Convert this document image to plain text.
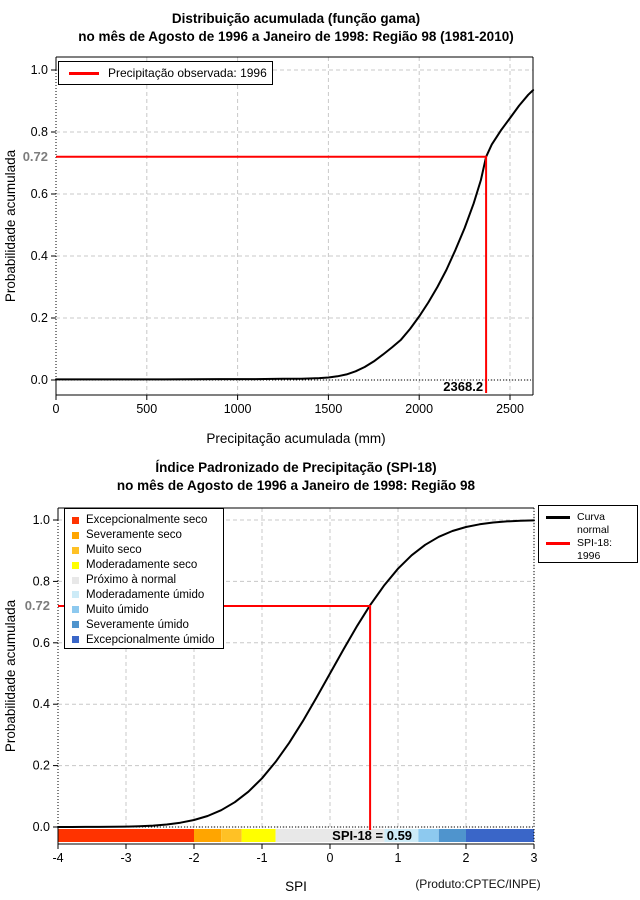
0	500	1000	1500	2000	2500
0.0
0.2
0.4
0.6
0.8
1.0
Probabilidade acumulada 0.72
2368.2
-4	-3	-2	-1	0	1	2	3
0.0
0.2
0.4
0.6
0.8
1.0
Probabilidade acumulada 0.72
SPI-18 = 0.59
Distribuição acumulada (função gama)
no mês de Agosto de 1996 a Janeiro de 1998: Região 98 (1981-2010)
Precipitação observada: 1996
Precipitação acumulada (mm)
Índice Padronizado de Precipitação (SPI-18)
no mês de Agosto de 1996 a Janeiro de 1998: Região 98
Excepcionalmente seco
Severamente seco
Muito seco
Moderadamente seco
Próximo à normal
Moderadamente úmido
Muito úmido
Severamente úmido
Excepcionalmente úmido
Curva normal
SPI-18: 1996
SPI	(Produto:CPTEC/INPE)
